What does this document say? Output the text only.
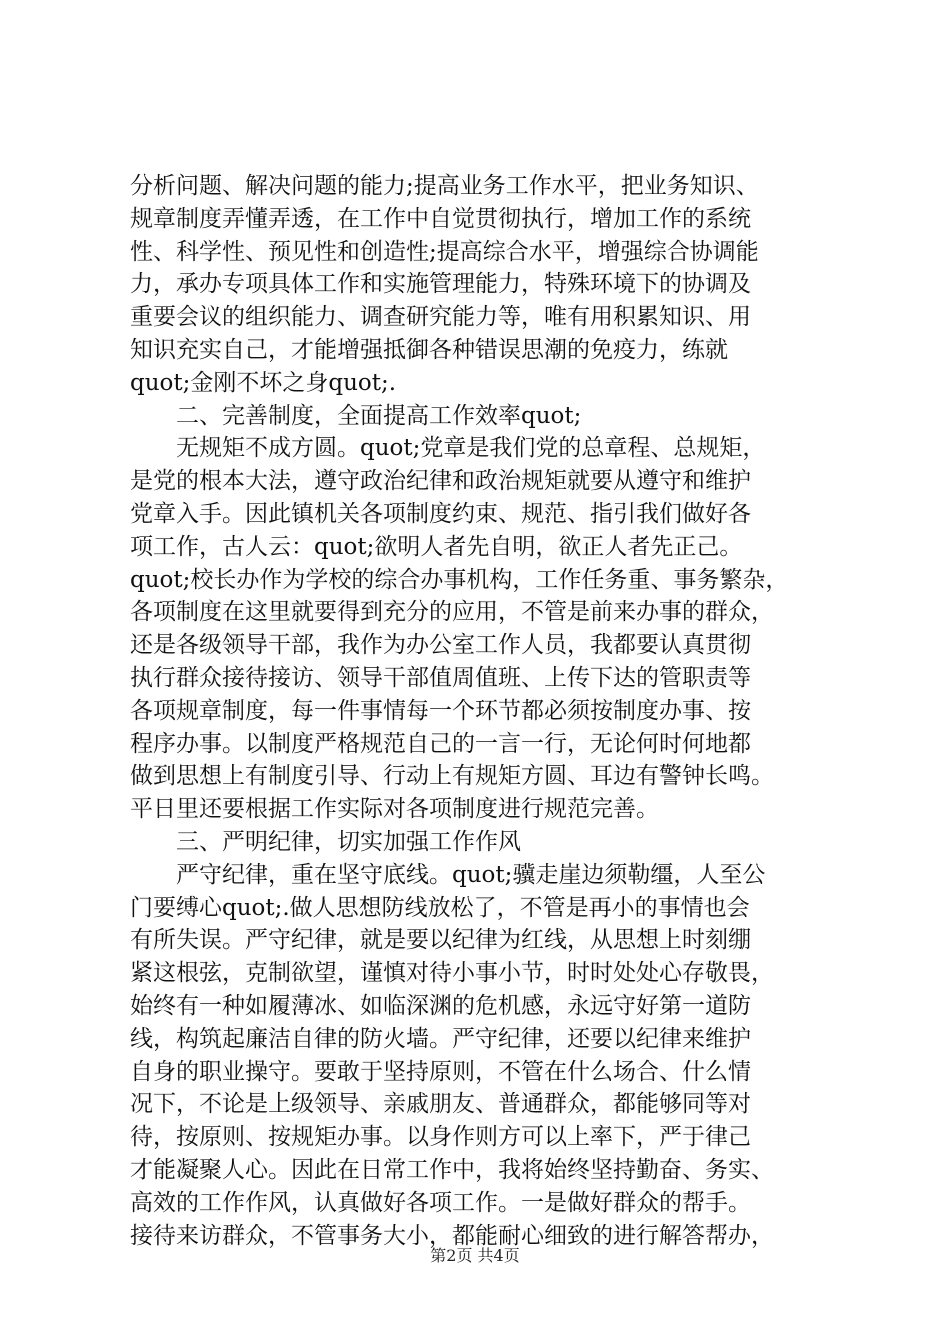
分析问题、解决问题的能力;提高业务工作水平，把业务知识、
规章制度弄懂弄透，在工作中自觉贯彻执行，增加工作的系统
性、科学性、预见性和创造性;提高综合水平，增强综合协调能
力，承办专项具体工作和实施管理能力，特殊环境下的协调及
重要会议的组织能力、调查研究能力等，唯有用积累知识、用
知识充实自己，才能增强抵御各种错误思潮的免疫力，练就
quot;金刚不坏之身quot;.
二、完善制度，全面提高工作效率quot;
无规矩不成方圆。quot;党章是我们党的总章程、总规矩，
是党的根本大法，遵守政治纪律和政治规矩就要从遵守和维护
党章入手。因此镇机关各项制度约束、规范、指引我们做好各
项工作，古人云：quot;欲明人者先自明，欲正人者先正己。
quot;校长办作为学校的综合办事机构，工作任务重、事务繁杂，
各项制度在这里就要得到充分的应用，不管是前来办事的群众，
还是各级领导干部，我作为办公室工作人员，我都要认真贯彻
执行群众接待接访、领导干部值周值班、上传下达的管职责等
各项规章制度，每一件事情每一个环节都必须按制度办事、按
程序办事。以制度严格规范自己的一言一行，无论何时何地都
做到思想上有制度引导、行动上有规矩方圆、耳边有警钟长鸣。
平日里还要根据工作实际对各项制度进行规范完善。
三、严明纪律，切实加强工作作风
严守纪律，重在坚守底线。quot;骥走崖边须勒缰，人至公
门要缚心quot;.做人思想防线放松了，不管是再小的事情也会
有所失误。严守纪律，就是要以纪律为红线，从思想上时刻绷
紧这根弦，克制欲望，谨慎对待小事小节，时时处处心存敬畏，
始终有一种如履薄冰、如临深渊的危机感，永远守好第一道防
线，构筑起廉洁自律的防火墙。严守纪律，还要以纪律来维护
自身的职业操守。要敢于坚持原则，不管在什么场合、什么情
况下，不论是上级领导、亲戚朋友、普通群众，都能够同等对
待，按原则、按规矩办事。以身作则方可以上率下，严于律己
才能凝聚人心。因此在日常工作中，我将始终坚持勤奋、务实、
高效的工作作风，认真做好各项工作。一是做好群众的帮手。
接待来访群众，不管事务大小，都能耐心细致的进行解答帮办，
第2页 共4页
